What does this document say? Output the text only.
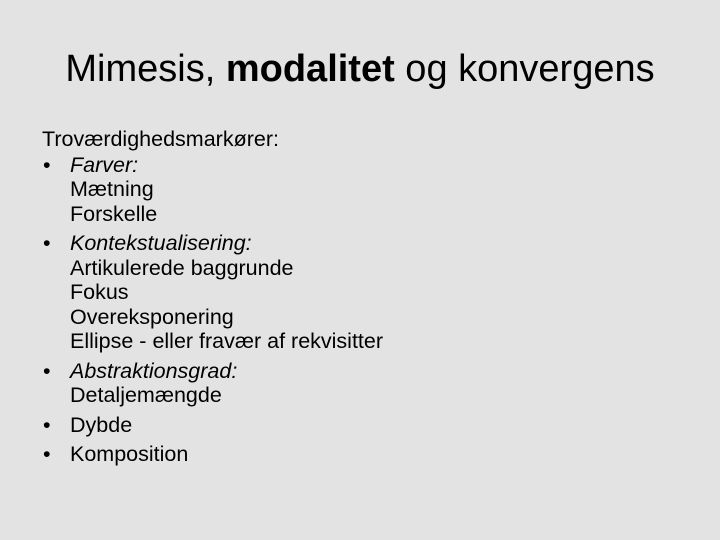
Mimesis, modalitet og konvergens
Troværdighedsmarkører:
• Farver:
Mætning
Forskelle
• Kontekstualisering:
Artikulerede baggrunde
Fokus
Overeksponering
Ellipse - eller fravær af rekvisitter
• Abstraktionsgrad:
Detaljemængde
• Dybde
• Komposition
